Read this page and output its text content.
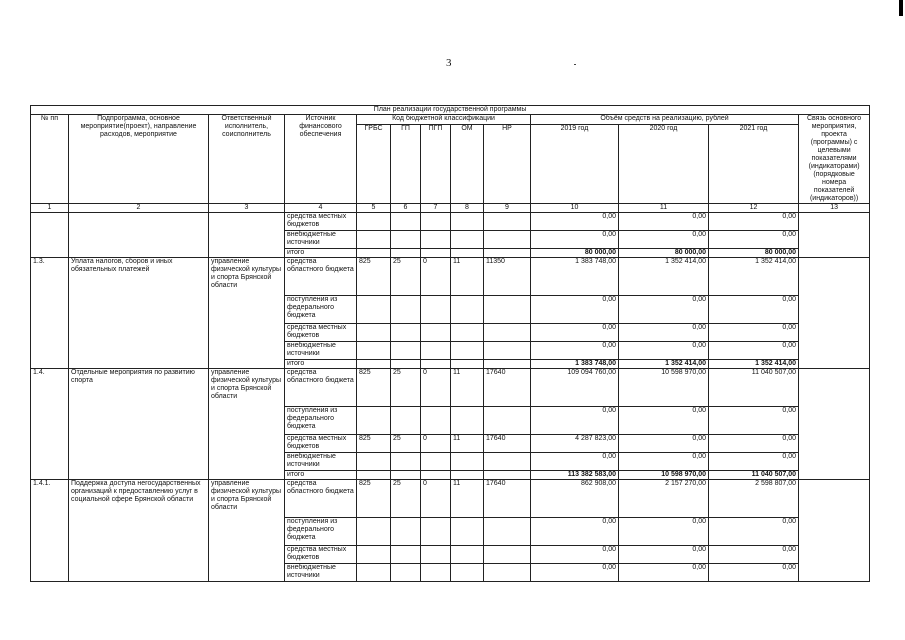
3
План реализации государственной программы												
№ пп	Подпрограмма, основное мероприятие(проект), направление расходов, мероприятие	Ответственный исполнитель, соисполнитель	Источник финансового обеспечения	Код бюджетной классификации					Объём средств на реализацию, рублей			Связь основного мероприятия, проекта (программы) с целевыми показателями (индикаторами) (порядковые номера показателей (индикаторов))
				ГРБС	ГП	ПГП	ОМ	НР	2019 год	2020 год	2021 год	
1	2	3	4	5	6	7	8	9	10	11	12	13
			средства местных бюджетов						0,00	0,00	0,00	
			внебюджетные источники						0,00	0,00	0,00	
			итого						80 000,00	80 000,00	80 000,00	
1.3.	Уплата налогов, сборов и иных обязательных платежей	управление физической культуры и спорта Брянской области	средства областного бюджета	825	25	0	11	11350	1 383 748,00	1 352 414,00	1 352 414,00	
			поступления из федерального бюджета						0,00	0,00	0,00	
			средства местных бюджетов						0,00	0,00	0,00	
			внебюджетные источники						0,00	0,00	0,00	
			итого						1 383 748,00	1 352 414,00	1 352 414,00	
1.4.	Отдельные мероприятия по развитию спорта	управление физической культуры и спорта Брянской области	средства областного бюджета	825	25	0	11	17640	109 094 760,00	10 598 970,00	11 040 507,00	
			поступления из федерального бюджета						0,00	0,00	0,00	
			средства местных бюджетов	825	25	0	11	17640	4 287 823,00	0,00	0,00	
			внебюджетные источники						0,00	0,00	0,00	
			итого						113 382 583,00	10 598 970,00	11 040 507,00	
1.4.1.	Поддержка доступа негосударственных организаций к предоставлению услуг в социальной сфере Брянской области	управление физической культуры и спорта Брянской области	средства областного бюджета	825	25	0	11	17640	862 908,00	2 157 270,00	2 598 807,00	
			поступления из федерального бюджета						0,00	0,00	0,00	
			средства местных бюджетов						0,00	0,00	0,00	
			внебюджетные источники						0,00	0,00	0,00	
